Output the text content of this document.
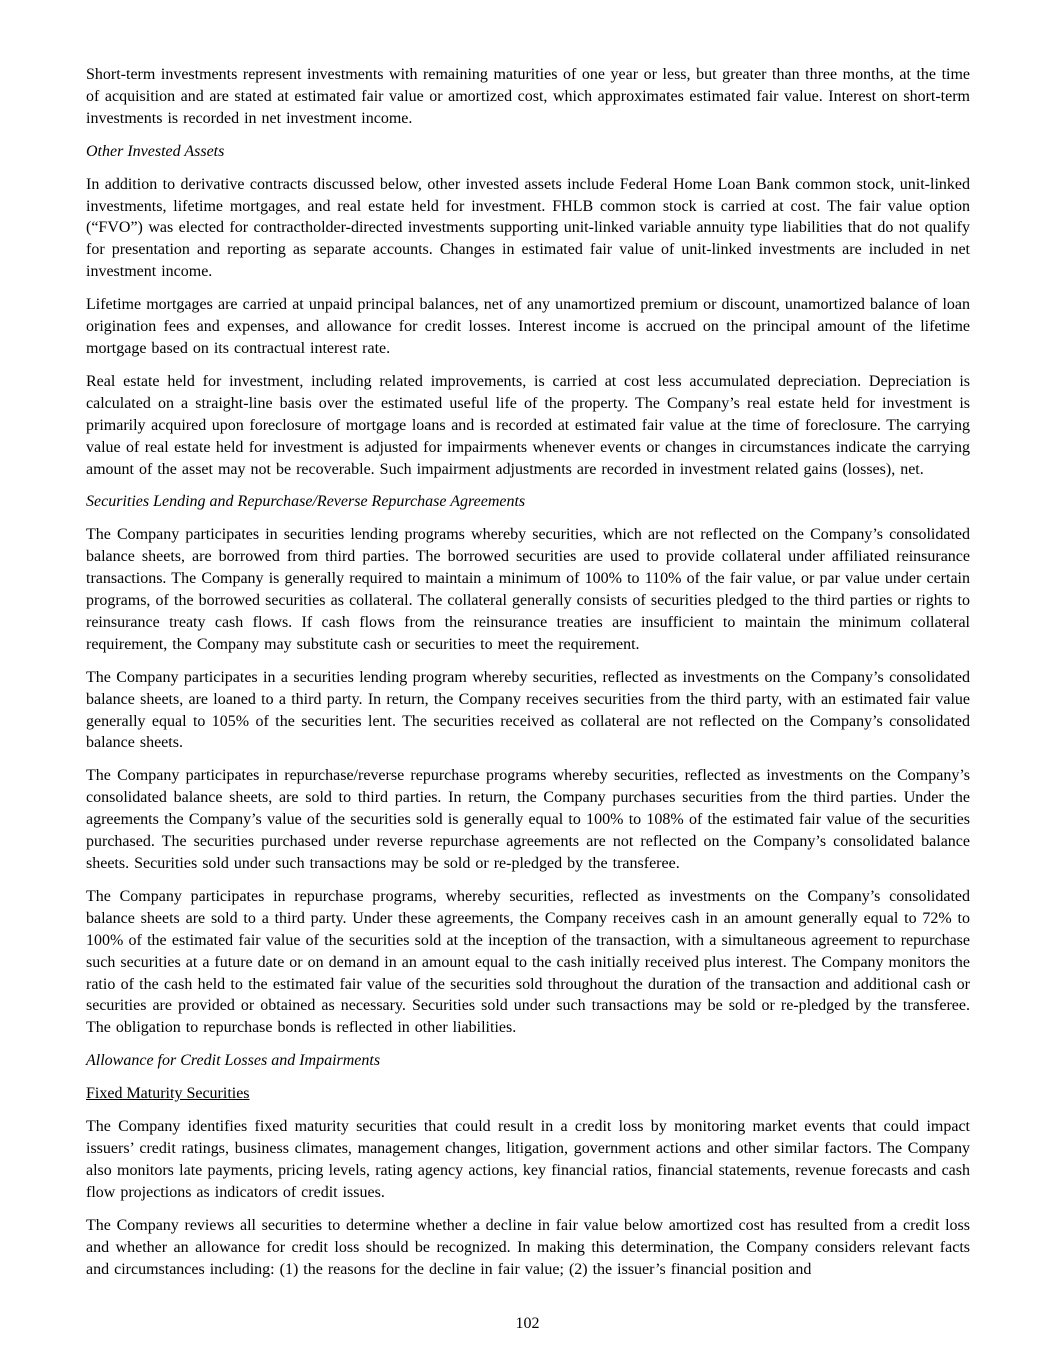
Short-term investments represent investments with remaining maturities of one year or less, but greater than three months, at the time of acquisition and are stated at estimated fair value or amortized cost, which approximates estimated fair value. Interest on short-term investments is recorded in net investment income.

Other Invested Assets

In addition to derivative contracts discussed below, other invested assets include Federal Home Loan Bank common stock, unit-linked investments, lifetime mortgages, and real estate held for investment. FHLB common stock is carried at cost. The fair value option (“FVO”) was elected for contractholder-directed investments supporting unit-linked variable annuity type liabilities that do not qualify for presentation and reporting as separate accounts. Changes in estimated fair value of unit-linked investments are included in net investment income.

Lifetime mortgages are carried at unpaid principal balances, net of any unamortized premium or discount, unamortized balance of loan origination fees and expenses, and allowance for credit losses. Interest income is accrued on the principal amount of the lifetime mortgage based on its contractual interest rate.

Real estate held for investment, including related improvements, is carried at cost less accumulated depreciation. Depreciation is calculated on a straight-line basis over the estimated useful life of the property. The Company’s real estate held for investment is primarily acquired upon foreclosure of mortgage loans and is recorded at estimated fair value at the time of foreclosure. The carrying value of real estate held for investment is adjusted for impairments whenever events or changes in circumstances indicate the carrying amount of the asset may not be recoverable. Such impairment adjustments are recorded in investment related gains (losses), net.

Securities Lending and Repurchase/Reverse Repurchase Agreements

The Company participates in securities lending programs whereby securities, which are not reflected on the Company’s consolidated balance sheets, are borrowed from third parties. The borrowed securities are used to provide collateral under affiliated reinsurance transactions. The Company is generally required to maintain a minimum of 100% to 110% of the fair value, or par value under certain programs, of the borrowed securities as collateral. The collateral generally consists of securities pledged to the third parties or rights to reinsurance treaty cash flows. If cash flows from the reinsurance treaties are insufficient to maintain the minimum collateral requirement, the Company may substitute cash or securities to meet the requirement.

The Company participates in a securities lending program whereby securities, reflected as investments on the Company’s consolidated balance sheets, are loaned to a third party. In return, the Company receives securities from the third party, with an estimated fair value generally equal to 105% of the securities lent. The securities received as collateral are not reflected on the Company’s consolidated balance sheets.

The Company participates in repurchase/reverse repurchase programs whereby securities, reflected as investments on the Company’s consolidated balance sheets, are sold to third parties. In return, the Company purchases securities from the third parties. Under the agreements the Company’s value of the securities sold is generally equal to 100% to 108% of the estimated fair value of the securities purchased. The securities purchased under reverse repurchase agreements are not reflected on the Company’s consolidated balance sheets. Securities sold under such transactions may be sold or re-pledged by the transferee.

The Company participates in repurchase programs, whereby securities, reflected as investments on the Company’s consolidated balance sheets are sold to a third party. Under these agreements, the Company receives cash in an amount generally equal to 72% to 100% of the estimated fair value of the securities sold at the inception of the transaction, with a simultaneous agreement to repurchase such securities at a future date or on demand in an amount equal to the cash initially received plus interest. The Company monitors the ratio of the cash held to the estimated fair value of the securities sold throughout the duration of the transaction and additional cash or securities are provided or obtained as necessary. Securities sold under such transactions may be sold or re-pledged by the transferee. The obligation to repurchase bonds is reflected in other liabilities.

Allowance for Credit Losses and Impairments

Fixed Maturity Securities

The Company identifies fixed maturity securities that could result in a credit loss by monitoring market events that could impact issuers’ credit ratings, business climates, management changes, litigation, government actions and other similar factors. The Company also monitors late payments, pricing levels, rating agency actions, key financial ratios, financial statements, revenue forecasts and cash flow projections as indicators of credit issues.

The Company reviews all securities to determine whether a decline in fair value below amortized cost has resulted from a credit loss and whether an allowance for credit loss should be recognized. In making this determination, the Company considers relevant facts and circumstances including: (1) the reasons for the decline in fair value; (2) the issuer’s financial position and

102
